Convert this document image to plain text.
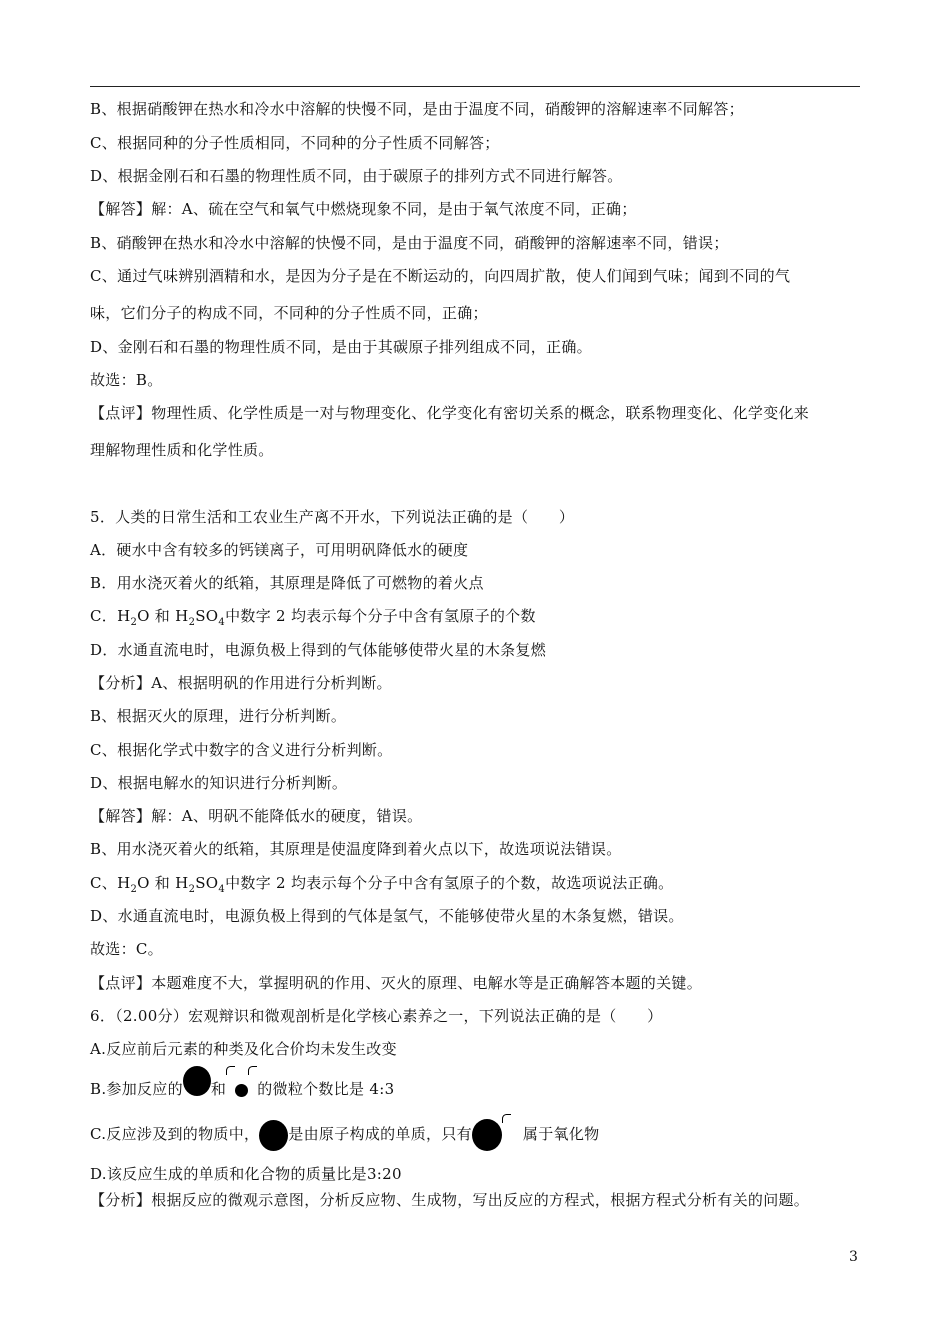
B、根据硝酸钾在热水和冷水中溶解的快慢不同，是由于温度不同，硝酸钾的溶解速率不同解答；
C、根据同种的分子性质相同，不同种的分子性质不同解答；
D、根据金刚石和石墨的物理性质不同，由于碳原子的排列方式不同进行解答。
【解答】解：A、硫在空气和氧气中燃烧现象不同，是由于氧气浓度不同，正确；
B、硝酸钾在热水和冷水中溶解的快慢不同，是由于温度不同，硝酸钾的溶解速率不同，错误；
C、通过气味辨别酒精和水，是因为分子是在不断运动的，向四周扩散，使人们闻到气味；闻到不同的气
味，它们分子的构成不同，不同种的分子性质不同，正确；
D、金刚石和石墨的物理性质不同，是由于其碳原子排列组成不同，正确。
故选：B。
【点评】物理性质、化学性质是一对与物理变化、化学变化有密切关系的概念，联系物理变化、化学变化来
理解物理性质和化学性质。
5．人类的日常生活和工农业生产离不开水，下列说法正确的是（　　）
A．硬水中含有较多的钙镁离子，可用明矾降低水的硬度
B．用水浇灭着火的纸箱，其原理是降低了可燃物的着火点
C．$H_2O$ 和 $H_2SO_4$中数字 2 均表示每个分子中含有氢原子的个数
D．水通直流电时，电源负极上得到的气体能够使带火星的木条复燃
【分析】A、根据明矾的作用进行分析判断。
B、根据灭火的原理，进行分析判断。
C、根据化学式中数字的含义进行分析判断。
D、根据电解水的知识进行分析判断。
【解答】解：A、明矾不能降低水的硬度，错误。
B、用水浇灭着火的纸箱，其原理是使温度降到着火点以下，故选项说法错误。
C、$H_2O$ 和 $H_2SO_4$中数字 2 均表示每个分子中含有氢原子的个数，故选项说法正确。
D、水通直流电时，电源负极上得到的气体是氢气，不能够使带火星的木条复燃，错误。
故选：C。
【点评】本题难度不大，掌握明矾的作用、灭火的原理、电解水等是正确解答本题的关键。
6．（2.00分）宏观辩识和微观剖析是化学核心素养之一，下列说法正确的是（　　）
A.反应前后元素的种类及化合价均未发生改变
B.参加反应的 和 的微粒个数比是 4:3
C.反应涉及到的物质中， 是由原子构成的单质，只有	属于氧化物
D.该反应生成的单质和化合物的质量比是3:20
【分析】根据反应的微观示意图，分析反应物、生成物，写出反应的方程式，根据方程式分析有关的问题。
3
